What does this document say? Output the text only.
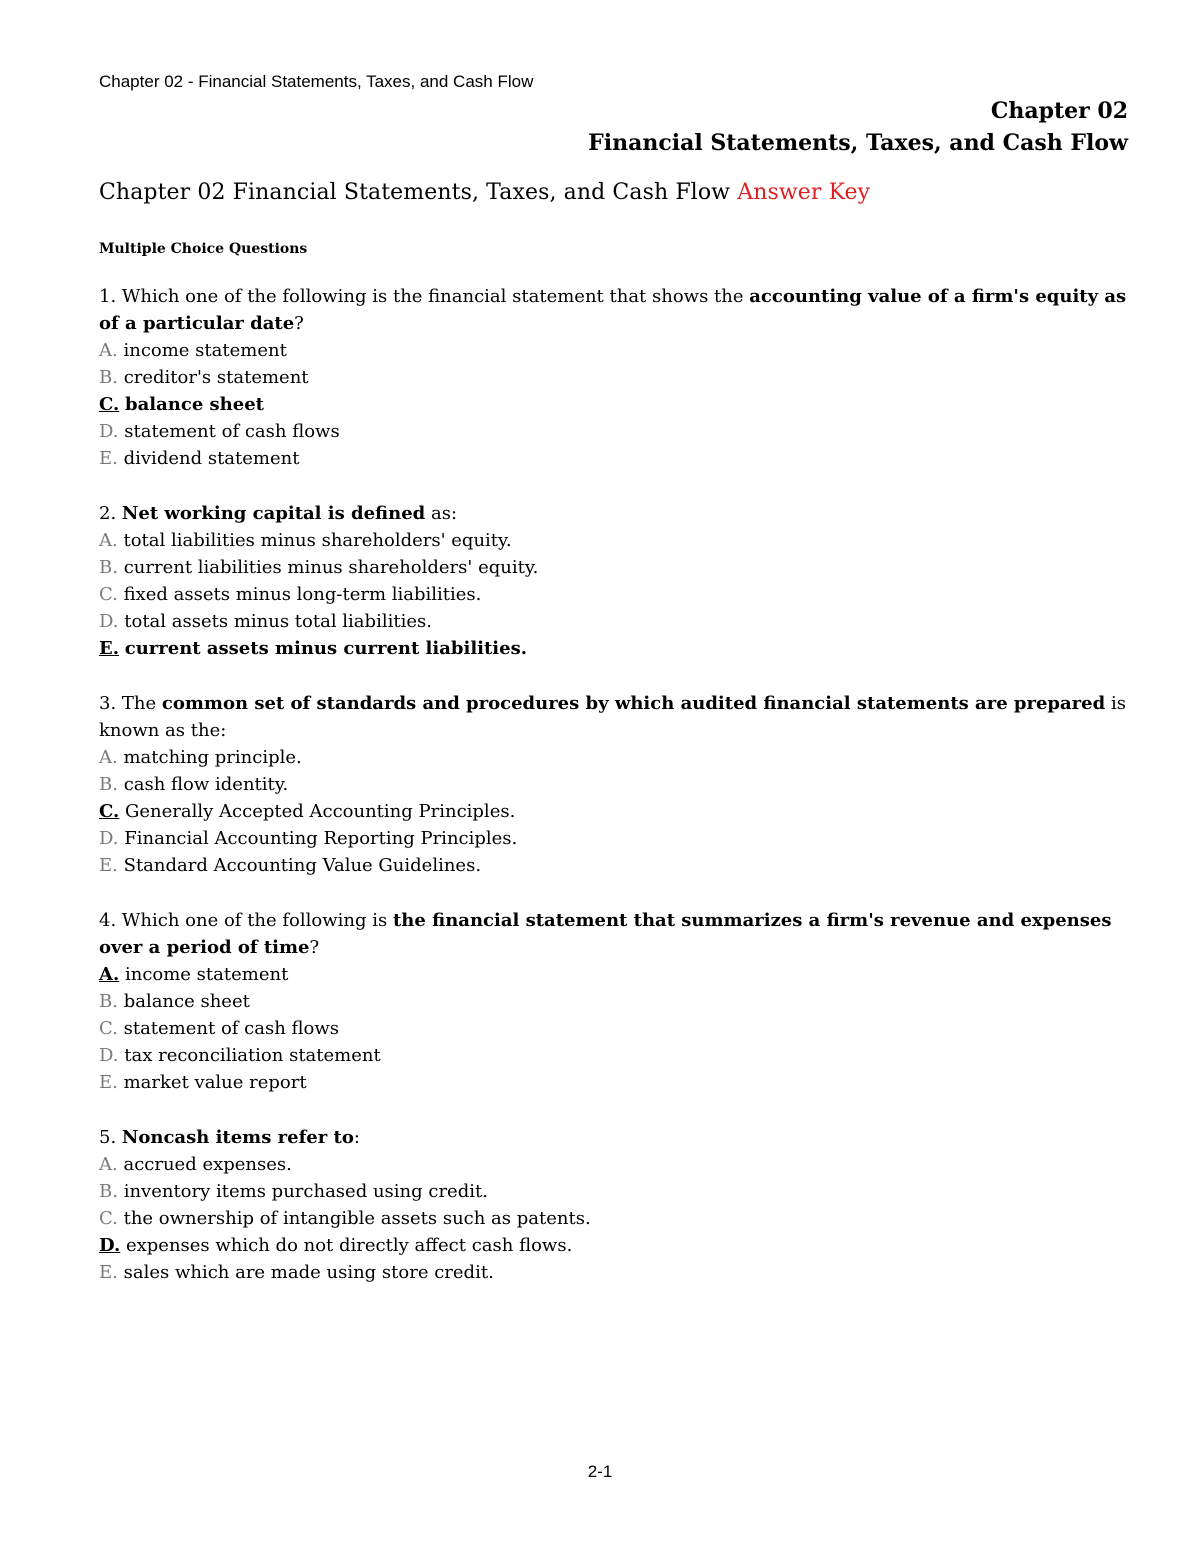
Chapter 02 - Financial Statements, Taxes, and Cash Flow
Chapter 02
Financial Statements, Taxes, and Cash Flow
Chapter 02 Financial Statements, Taxes, and Cash Flow Answer Key
Multiple Choice Questions
1. Which one of the following is the financial statement that shows the accounting value of a firm's equity as of a particular date?
A. income statement
B. creditor's statement
C. balance sheet
D. statement of cash flows
E. dividend statement
2. Net working capital is defined as:
A. total liabilities minus shareholders' equity.
B. current liabilities minus shareholders' equity.
C. fixed assets minus long-term liabilities.
D. total assets minus total liabilities.
E. current assets minus current liabilities.
3. The common set of standards and procedures by which audited financial statements are prepared is known as the:
A. matching principle.
B. cash flow identity.
C. Generally Accepted Accounting Principles.
D. Financial Accounting Reporting Principles.
E. Standard Accounting Value Guidelines.
4. Which one of the following is the financial statement that summarizes a firm's revenue and expenses over a period of time?
A. income statement
B. balance sheet
C. statement of cash flows
D. tax reconciliation statement
E. market value report
5. Noncash items refer to:
A. accrued expenses.
B. inventory items purchased using credit.
C. the ownership of intangible assets such as patents.
D. expenses which do not directly affect cash flows.
E. sales which are made using store credit.
2-1
